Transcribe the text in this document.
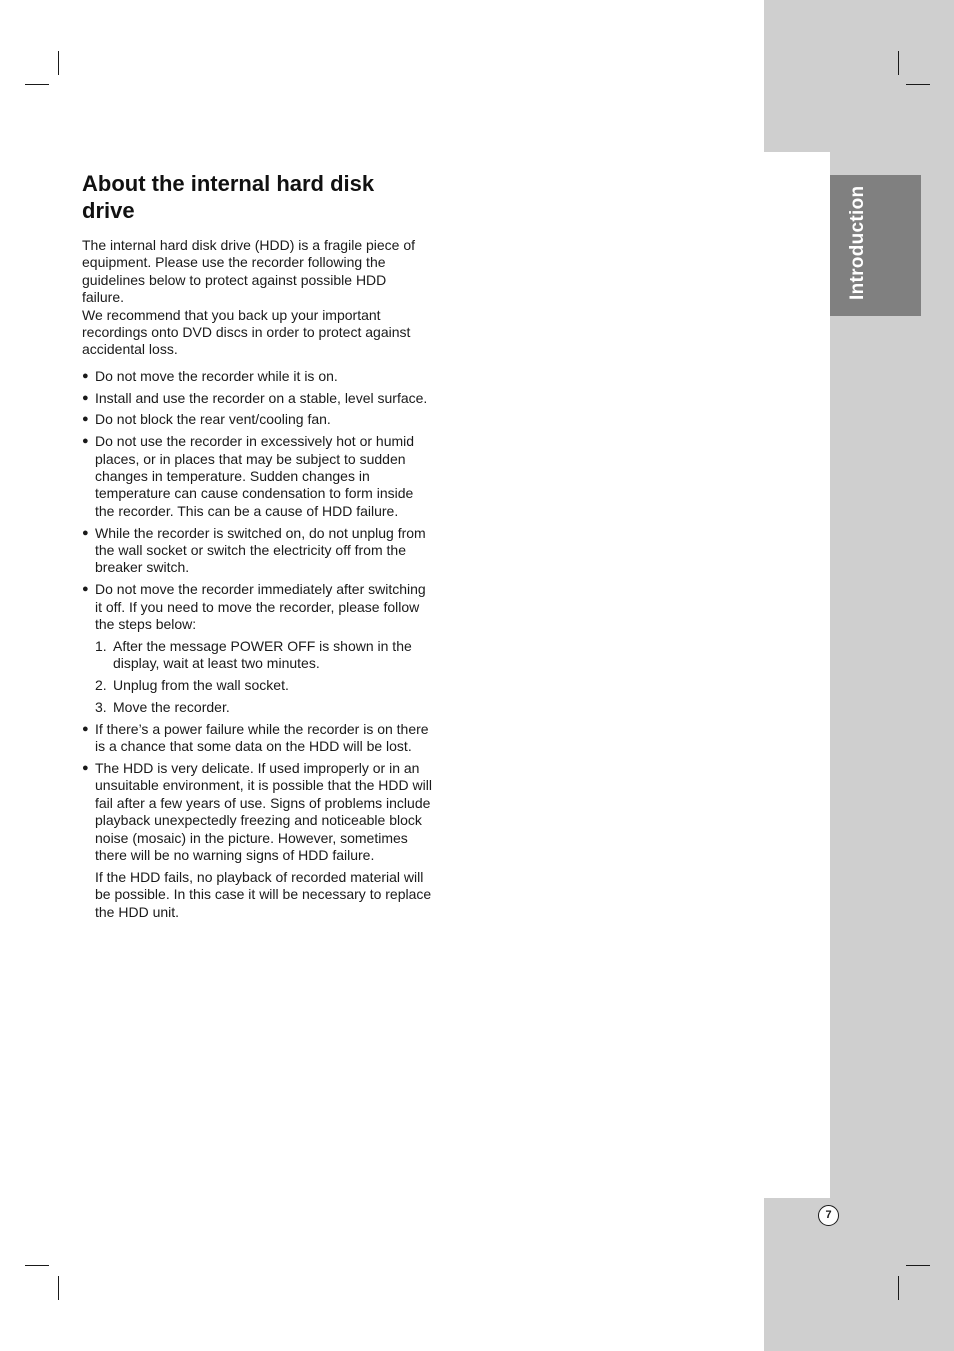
Introduction
7
About the internal hard disk drive

The internal hard disk drive (HDD) is a fragile piece of equipment. Please use the recorder following the guidelines below to protect against possible HDD failure.
We recommend that you back up your important recordings onto DVD discs in order to protect against accidental loss.

● Do not move the recorder while it is on.
● Install and use the recorder on a stable, level surface.
● Do not block the rear vent/cooling fan.
● Do not use the recorder in excessively hot or humid places, or in places that may be subject to sudden changes in temperature. Sudden changes in temperature can cause condensation to form inside the recorder. This can be a cause of HDD failure.
● While the recorder is switched on, do not unplug from the wall socket or switch the electricity off from the breaker switch.
● Do not move the recorder immediately after switching it off. If you need to move the recorder, please follow the steps below:
1. After the message POWER OFF is shown in the display, wait at least two minutes.
2. Unplug from the wall socket.
3. Move the recorder.
● If there’s a power failure while the recorder is on there is a chance that some data on the HDD will be lost.
● The HDD is very delicate. If used improperly or in an unsuitable environment, it is possible that the HDD will fail after a few years of use. Signs of problems include playback unexpectedly freezing and noticeable block noise (mosaic) in the picture. However, sometimes there will be no warning signs of HDD failure.
If the HDD fails, no playback of recorded material will be possible. In this case it will be necessary to replace the HDD unit.
